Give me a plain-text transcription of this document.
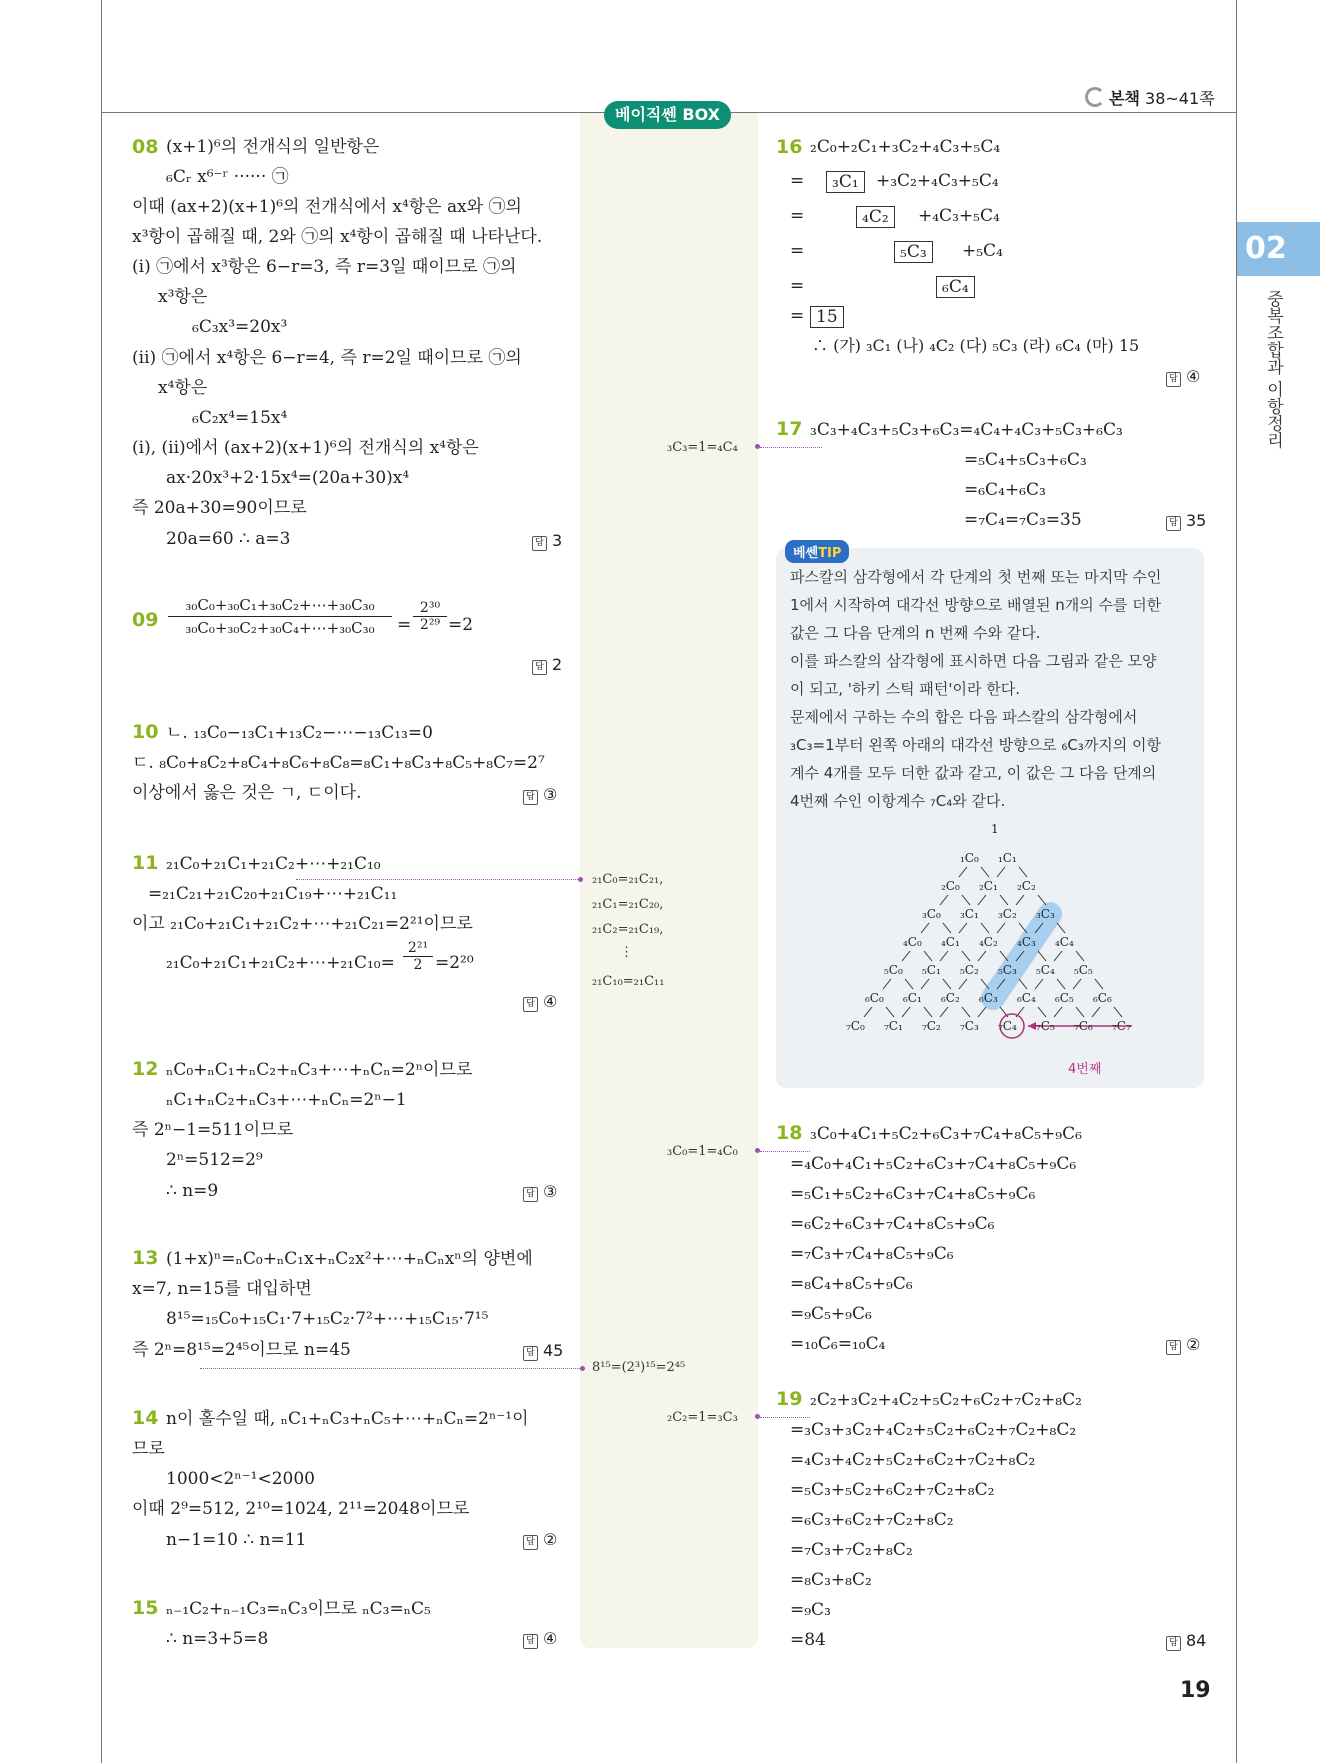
본책 38~41쪽
베이직쎈 BOX
02
중복조합과 이항정리
08 (x+1)⁶의 전개식의 일반항은
₆Cᵣ x⁶⁻ʳ ······ ㉠
이때 (ax+2)(x+1)⁶의 전개식에서 x⁴항은 ax와 ㉠의
x³항이 곱해질 때, 2와 ㉠의 x⁴항이 곱해질 때 나타난다.
(i) ㉠에서 x³항은 6−r=3, 즉 r=3일 때이므로 ㉠의
x³항은
₆C₃x³=20x³
(ii) ㉠에서 x⁴항은 6−r=4, 즉 r=2일 때이므로 ㉠의
x⁴항은
₆C₂x⁴=15x⁴
(i), (ii)에서 (ax+2)(x+1)⁶의 전개식의 x⁴항은
ax·20x³+2·15x⁴=(20a+30)x⁴
즉 20a+30=90이므로
20a=60 ∴ a=3	답 3
09
₃₀C₀+₃₀C₁+₃₀C₂+⋯+₃₀C₃₀
₃₀C₀+₃₀C₂+₃₀C₄+⋯+₃₀C₃₀	=
2³⁰
2²⁹ =2
답 2
10 ㄴ. ₁₃C₀−₁₃C₁+₁₃C₂−⋯−₁₃C₁₃=0
ㄷ. ₈C₀+₈C₂+₈C₄+₈C₆+₈C₈=₈C₁+₈C₃+₈C₅+₈C₇=2⁷
이상에서 옳은 것은 ㄱ, ㄷ이다.	답 ③
11 ₂₁C₀+₂₁C₁+₂₁C₂+⋯+₂₁C₁₀
=₂₁C₂₁+₂₁C₂₀+₂₁C₁₉+⋯+₂₁C₁₁
이고 ₂₁C₀+₂₁C₁+₂₁C₂+⋯+₂₁C₂₁=2²¹이므로
₂₁C₀+₂₁C₁+₂₁C₂+⋯+₂₁C₁₀=
2²¹
2 =2²⁰
답 ④
12 ₙC₀+ₙC₁+ₙC₂+ₙC₃+⋯+ₙCₙ=2ⁿ이므로
ₙC₁+ₙC₂+ₙC₃+⋯+ₙCₙ=2ⁿ−1
즉 2ⁿ−1=511이므로
2ⁿ=512=2⁹
∴ n=9	답 ③
13 (1+x)ⁿ=ₙC₀+ₙC₁x+ₙC₂x²+⋯+ₙCₙxⁿ의 양변에
x=7, n=15를 대입하면
8¹⁵=₁₅C₀+₁₅C₁·7+₁₅C₂·7²+⋯+₁₅C₁₅·7¹⁵
즉 2ⁿ=8¹⁵=2⁴⁵이므로 n=45	답 45
14 n이 홀수일 때, ₙC₁+ₙC₃+ₙC₅+⋯+ₙCₙ=2ⁿ⁻¹이
므로
1000<2ⁿ⁻¹<2000
이때 2⁹=512, 2¹⁰=1024, 2¹¹=2048이므로
n−1=10 ∴ n=11	답 ②
15 ₙ₋₁C₂+ₙ₋₁C₃=ₙC₃이므로 ₙC₃=ₙC₅
∴ n=3+5=8	답 ④
₃C₃=1=₄C₄
₂₁C₀=₂₁C₂₁,
₂₁C₁=₂₁C₂₀,
₂₁C₂=₂₁C₁₉,
⋮
₂₁C₁₀=₂₁C₁₁
₃C₀=1=₄C₀
8¹⁵=(2³)¹⁵=2⁴⁵
₂C₂=1=₃C₃
16 ₂C₀+₂C₁+₃C₂+₄C₃+₅C₄
=	₃C₁	+₃C₂+₄C₃+₅C₄
=	₄C₂	+₄C₃+₅C₄
=	₅C₃	+₅C₄
=	₆C₄
= 15
∴ (가) ₃C₁ (나) ₄C₂ (다) ₅C₃ (라) ₆C₄ (마) 15
답 ④
17 ₃C₃+₄C₃+₅C₃+₆C₃=₄C₄+₄C₃+₅C₃+₆C₃
=₅C₄+₅C₃+₆C₃
=₆C₄+₆C₃
=₇C₄=₇C₃=35	답 35
베쎈TIP
파스칼의 삼각형에서 각 단계의 첫 번째 또는 마지막 수인
1에서 시작하여 대각선 방향으로 배열된 n개의 수를 더한
값은 그 다음 단계의 n 번째 수와 같다.
이를 파스칼의 삼각형에 표시하면 다음 그림과 같은 모양
이 되고, '하키 스틱 패턴'이라 한다.
문제에서 구하는 수의 합은 다음 파스칼의 삼각형에서
₃C₃=1부터 왼쪽 아래의 대각선 방향으로 ₆C₃까지의 이항
계수 4개를 모두 더한 값과 같고, 이 값은 그 다음 단계의
4번째 수인 이항계수 ₇C₄와 같다.
1
₁C₀ ₁C₁
₂C₀ ₂C₁ ₂C₂
₃C₀ ₃C₁ ₃C₂ ₃C₃
₄C₀ ₄C₁ ₄C₂ ₄C₃ ₄C₄
₅C₀ ₅C₁ ₅C₂ ₅C₃ ₅C₄ ₅C₅
₆C₀ ₆C₁ ₆C₂ ₆C₃ ₆C₄ ₆C₅ ₆C₆
₇C₀ ₇C₁ ₇C₂ ₇C₃ ₇C₄ ₇C₅ ₇C₆ ₇C₇
4번째
18 ₃C₀+₄C₁+₅C₂+₆C₃+₇C₄+₈C₅+₉C₆
=₄C₀+₄C₁+₅C₂+₆C₃+₇C₄+₈C₅+₉C₆
=₅C₁+₅C₂+₆C₃+₇C₄+₈C₅+₉C₆
=₆C₂+₆C₃+₇C₄+₈C₅+₉C₆
=₇C₃+₇C₄+₈C₅+₉C₆
=₈C₄+₈C₅+₉C₆
=₉C₅+₉C₆
=₁₀C₆=₁₀C₄	답 ②
19 ₂C₂+₃C₂+₄C₂+₅C₂+₆C₂+₇C₂+₈C₂
=₃C₃+₃C₂+₄C₂+₅C₂+₆C₂+₇C₂+₈C₂
=₄C₃+₄C₂+₅C₂+₆C₂+₇C₂+₈C₂
=₅C₃+₅C₂+₆C₂+₇C₂+₈C₂
=₆C₃+₆C₂+₇C₂+₈C₂
=₇C₃+₇C₂+₈C₂
=₈C₃+₈C₂
=₉C₃
=84	답 84
19
